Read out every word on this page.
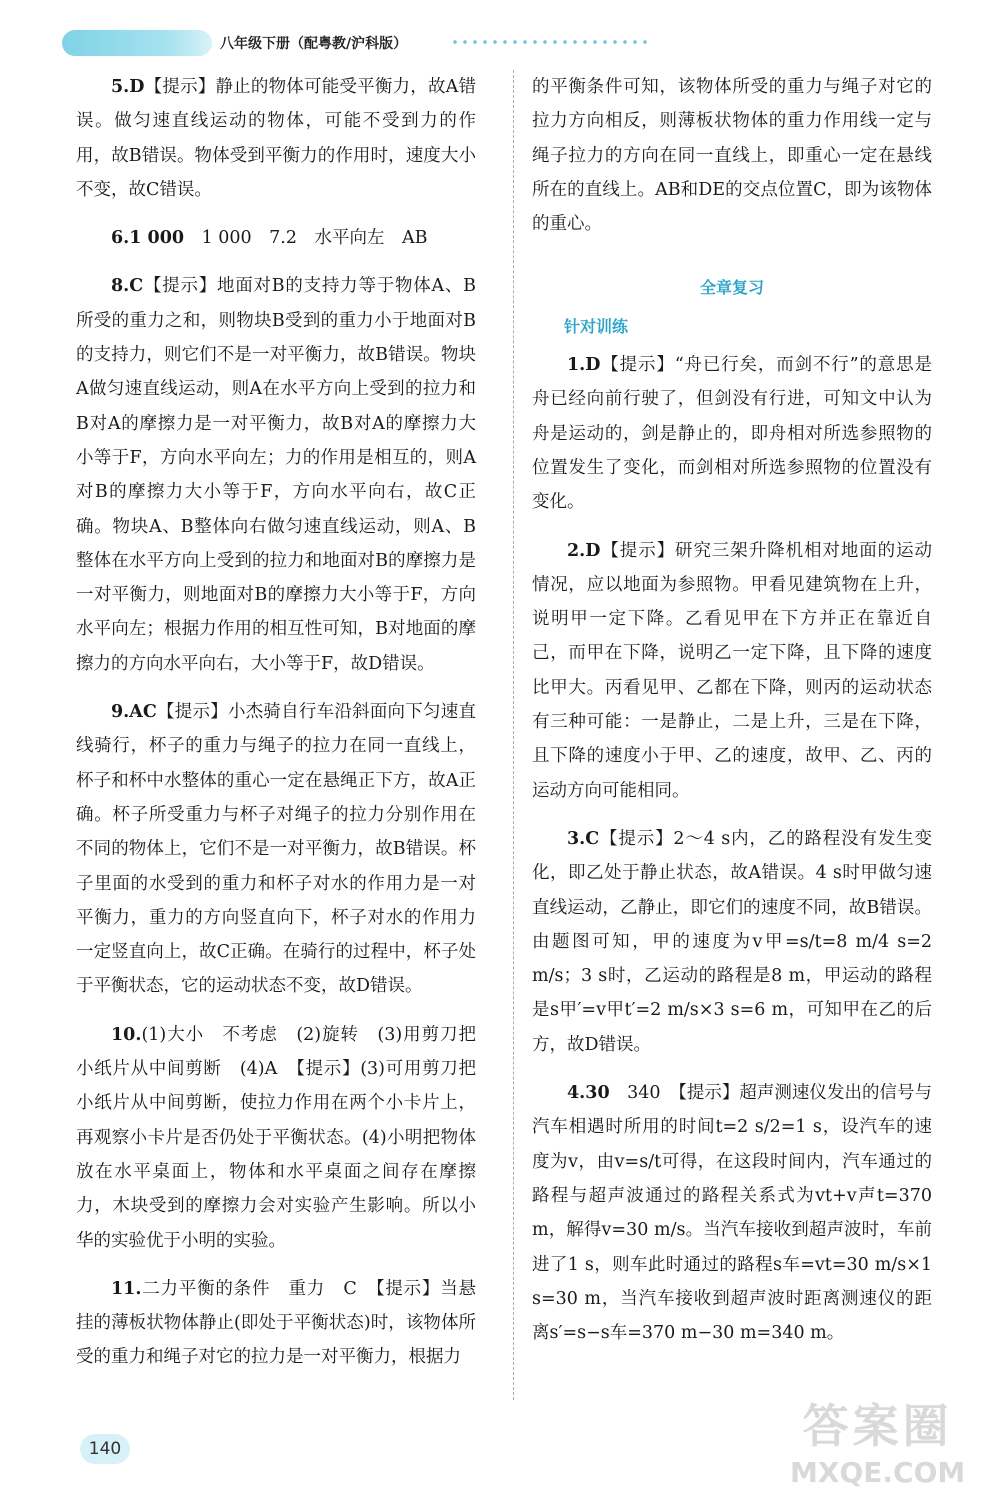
八年级下册（配粤教/沪科版）

5.D【提示】静止的物体可能受平衡力，故A错误。做匀速直线运动的物体，可能不受到力的作用，故B错误。物体受到平衡力的作用时，速度大小不变，故C错误。

6.1 000　 1 000　7.2　水平向左　AB

8.C【提示】地面对B的支持力等于物体A、B所受的重力之和，则物块B受到的重力小于地面对B的支持力，则它们不是一对平衡力，故B错误。物块A做匀速直线运动，则A在水平方向上受到的拉力和B对A的摩擦力是一对平衡力，故B对A的摩擦力大小等于F，方向水平向左；力的作用是相互的，则A对B的摩擦力大小等于F，方向水平向右，故C正确。物块A、B整体向右做匀速直线运动，则A、B整体在水平方向上受到的拉力和地面对B的摩擦力是一对平衡力，则地面对B的摩擦力大小等于F，方向水平向左；根据力作用的相互性可知，B对地面的摩擦力的方向水平向右，大小等于F，故D错误。

9.AC【提示】小杰骑自行车沿斜面向下匀速直线骑行，杯子的重力与绳子的拉力在同一直线上，杯子和杯中水整体的重心一定在悬绳正下方，故A正确。杯子所受重力与杯子对绳子的拉力分别作用在不同的物体上，它们不是一对平衡力，故B错误。杯子里面的水受到的重力和杯子对水的作用力是一对平衡力，重力的方向竖直向下，杯子对水的作用力一定竖直向上，故C正确。在骑行的过程中，杯子处于平衡状态，它的运动状态不变，故D错误。

10.(1)大小　不考虑　(2)旋转　(3)用剪刀把小纸片从中间剪断　(4)A　【提示】(3)可用剪刀把小纸片从中间剪断，使拉力作用在两个小卡片上，再观察小卡片是否仍处于平衡状态。(4)小明把物体放在水平桌面上，物体和水平桌面之间存在摩擦力，木块受到的摩擦力会对实验产生影响。所以小华的实验优于小明的实验。

11.二力平衡的条件　重力　C　【提示】当悬挂的薄板状物体静止(即处于平衡状态)时，该物体所受的重力和绳子对它的拉力是一对平衡力，根据力

的平衡条件可知，该物体所受的重力与绳子对它的拉力方向相反，则薄板状物体的重力作用线一定与绳子拉力的方向在同一直线上，即重心一定在悬线所在的直线上。AB和DE的交点位置C，即为该物体的重心。

全章复习
针对训练

1.D【提示】“舟已行矣，而剑不行”的意思是舟已经向前行驶了，但剑没有行进，可知文中认为舟是运动的，剑是静止的，即舟相对所选参照物的位置发生了变化，而剑相对所选参照物的位置没有变化。

2.D【提示】研究三架升降机相对地面的运动情况，应以地面为参照物。甲看见建筑物在上升，说明甲一定下降。乙看见甲在下方并正在靠近自己，而甲在下降，说明乙一定下降，且下降的速度比甲大。丙看见甲、乙都在下降，则丙的运动状态有三种可能：一是静止，二是上升，三是在下降，且下降的速度小于甲、乙的速度，故甲、乙、丙的运动方向可能相同。

3.C【提示】2～4 s内，乙的路程没有发生变化，即乙处于静止状态，故A错误。4 s时甲做匀速直线运动，乙静止，即它们的速度不同，故B错误。由题图可知，甲的速度为v甲=s/t=8 m/4 s=2 m/s；3 s时，乙运动的路程是8 m，甲运动的路程是s甲′=v甲t′=2 m/s×3 s=6 m，可知甲在乙的后方，故D错误。

4.30　 340　【提示】超声测速仪发出的信号与汽车相遇时所用的时间t=2 s/2=1 s，设汽车的速度为v，由v=s/t可得，在这段时间内，汽车通过的路程与超声波通过的路程关系式为vt+v声t=370 m，解得v=30 m/s。当汽车接收到超声波时，车前进了1 s，则车此时通过的路程s车=vt=30 m/s×1 s=30 m，当汽车接收到超声波时距离测速仪的距离s′=s−s车=370 m−30 m=340 m。

140	答案圈
MXQE.COM
